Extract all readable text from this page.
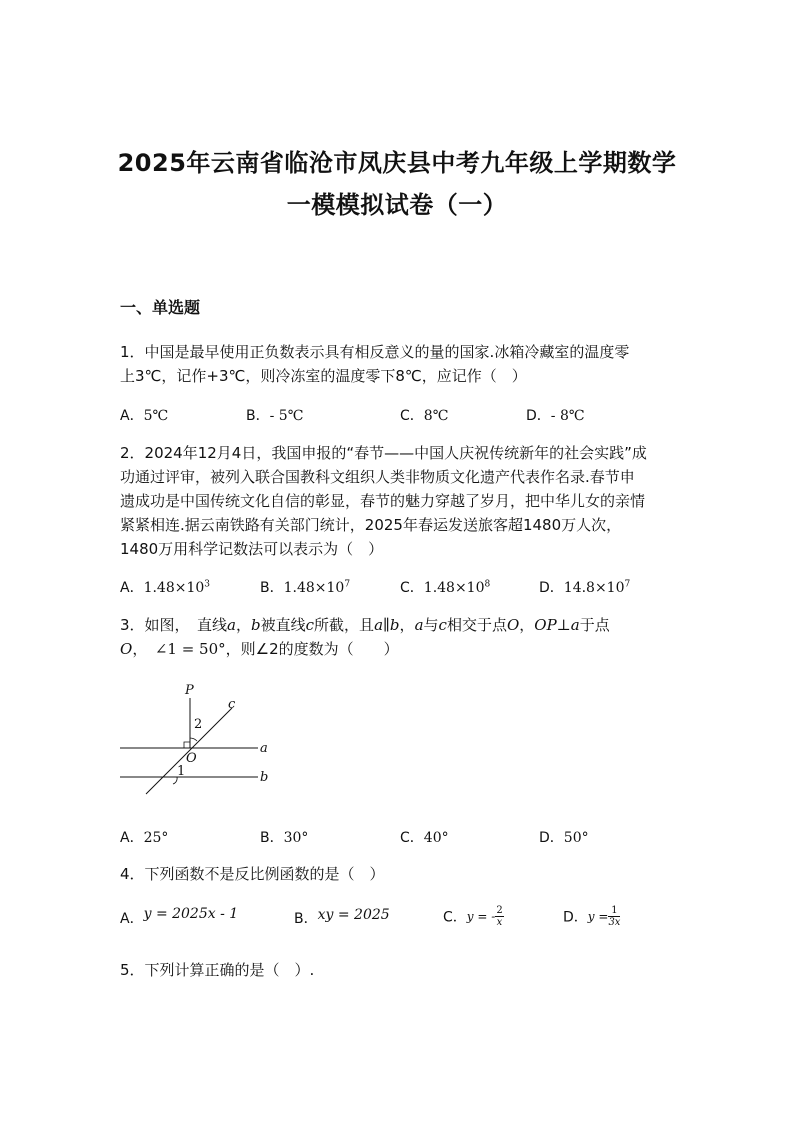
2025年云南省临沧市凤庆县中考九年级上学期数学
一模模拟试卷（一）
一、单选题
1．中国是最早使用正负数表示具有相反意义的量的国家.冰箱冷藏室的温度零
上3℃，记作+3℃，则冷冻室的温度零下8℃，应记作（　）
A．5℃	B．- 5℃	C．8℃	D．- 8℃
2．2024年12月4日，我国申报的“春节——中国人庆祝传统新年的社会实践”成
功通过评审，被列入联合国教科文组织人类非物质文化遗产代表作名录.春节申
遗成功是中国传统文化自信的彰显，春节的魅力穿越了岁月，把中华儿女的亲情
紧紧相连.据云南铁路有关部门统计，2025年春运发送旅客超1480万人次，
1480万用科学记数法可以表示为（　）
A．$1.48\times 10^3$	B．$1.48\times 10^7$	C．$1.48\times 10^8$	D．$14.8\times 10^7$
3．如图，　直线a，b被直线c所截，且a∥b，a与c相交于点O，OP⊥a于点
O，　∠1 = 50°，则∠2的度数为（　　）
P
c
2
O
a
1	b
A．25°	B．30°	C．40°	D．50°
4．下列函数不是反比例函数的是（　）
A．y = 2025x - 1	B．xy = 2025	C．y = - $\frac{2}{x}$	D．$y = \frac{1}{3x}$
5．下列计算正确的是（　）.
